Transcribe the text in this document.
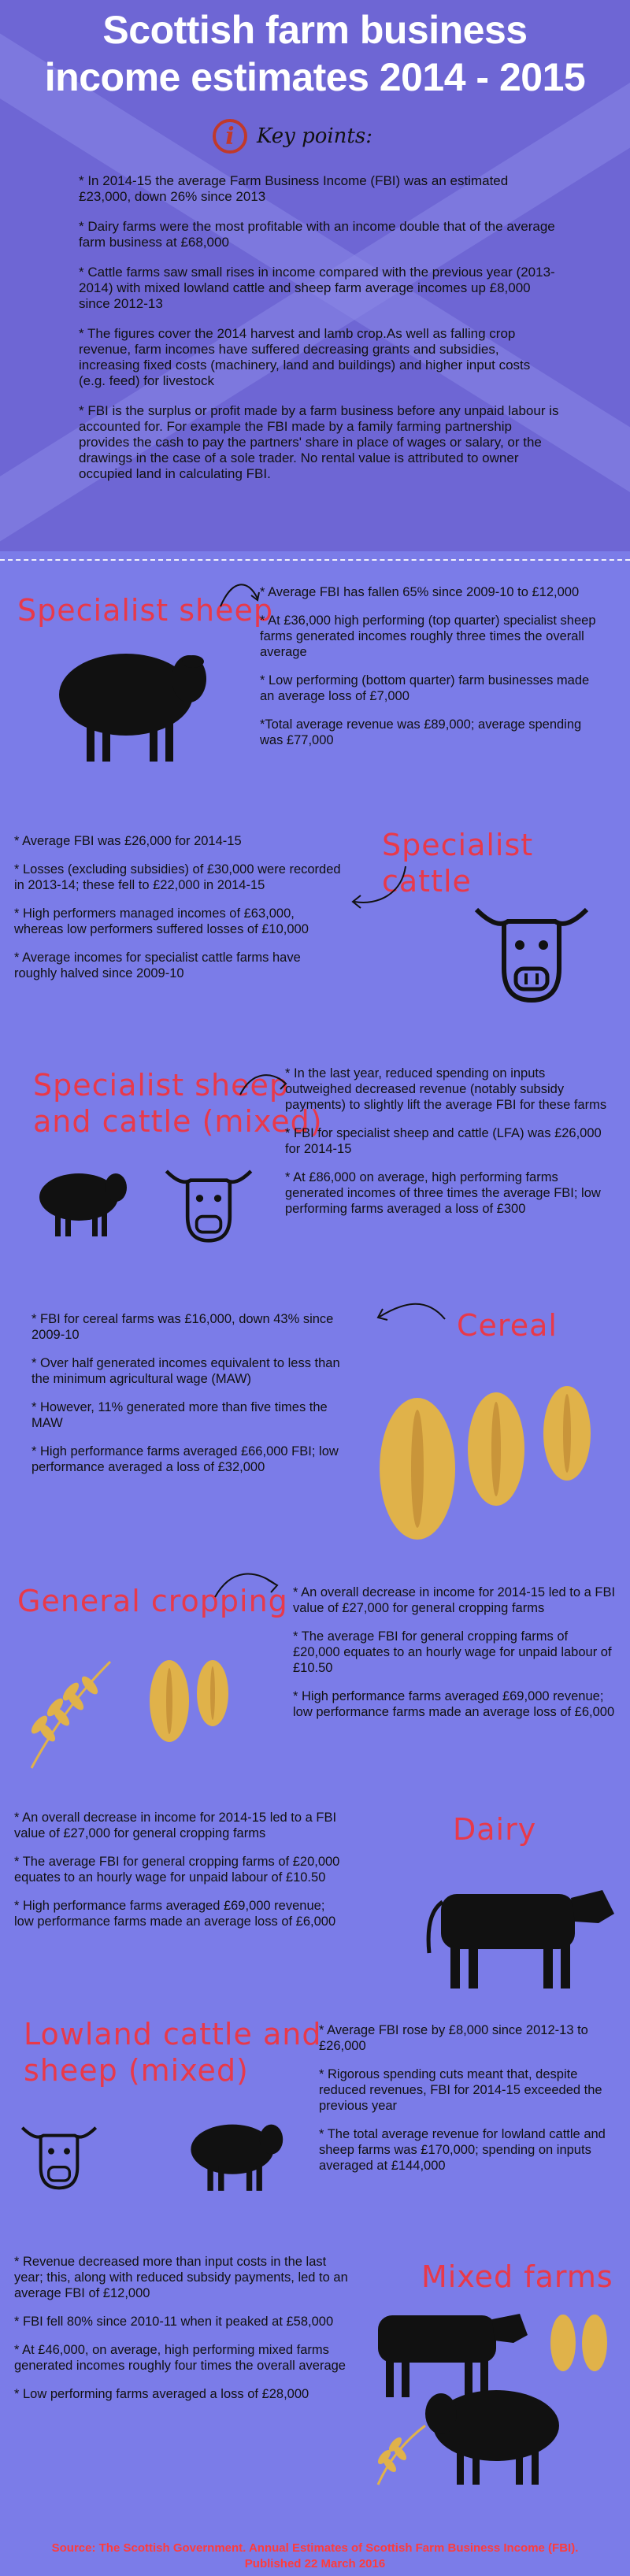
Scottish farm business
income estimates 2014 - 2015
i	Key points:

* In 2014-15 the average Farm Business Income (FBI) was an estimated £23,000, down 26% since 2013

* Dairy farms were the most profitable with an income double that of the average farm business at £68,000

* Cattle farms saw small rises in income compared with the previous year (2013-2014) with mixed lowland cattle and sheep farm average incomes up £8,000 since 2012-13

* The figures cover the 2014 harvest and lamb crop.As well as falling crop revenue, farm incomes have suffered decreasing grants and subsidies, increasing fixed costs (machinery, land and buildings) and higher input costs (e.g. feed) for livestock

* FBI is the surplus or profit made by a farm business before any unpaid labour is accounted for. For example the FBI made by a family farming partnership provides the cash to pay the partners' share in place of wages or salary, or the drawings in the case of a sole trader. No rental value is attributed to owner occupied land in calculating FBI.

Specialist sheep

* Average FBI has fallen 65% since 2009-10 to £12,000

* At £36,000 high performing (top quarter) specialist sheep farms generated incomes roughly three times the overall average

* Low performing (bottom quarter) farm businesses made an average loss of £7,000

*Total average revenue was £89,000; average spending was £77,000

Specialist cattle

* Average FBI was £26,000 for 2014-15

* Losses (excluding subsidies) of £30,000 were recorded in 2013-14; these fell to £22,000 in 2014-15

* High performers managed incomes of £63,000, whereas low performers suffered losses of £10,000

* Average incomes for specialist cattle farms have roughly halved since 2009-10

Specialist sheep
and cattle (mixed)

* In the last year, reduced spending on inputs outweighed decreased revenue (notably subsidy payments) to slightly lift the average FBI for these farms

* FBI for specialist sheep and cattle (LFA) was £26,000 for 2014-15

* At £86,000 on average, high performing farms generated incomes of three times the average FBI; low performing farms averaged a loss of £300

Cereal

* FBI for cereal farms was £16,000, down 43% since 2009-10

* Over half generated incomes equivalent to less than the minimum agricultural wage (MAW)

* However, 11% generated more than five times the MAW

* High performance farms averaged £66,000 FBI; low performance averaged a loss of £32,000

General cropping * An overall decrease in income for 2014-15 led to a FBI value of £27,000 for general cropping farms

* The average FBI for general cropping farms of £20,000 equates to an hourly wage for unpaid labour of £10.50

* High performance farms averaged £69,000 revenue; low performance farms made an average loss of £6,000

Dairy

* An overall decrease in income for 2014-15 led to a FBI value of £27,000 for general cropping farms

* The average FBI for general cropping farms of £20,000 equates to an hourly wage for unpaid labour of £10.50

* High performance farms averaged £69,000 revenue; low performance farms made an average loss of £6,000

Lowland cattle and
sheep (mixed)

* Average FBI rose by £8,000 since 2012-13 to £26,000

* Rigorous spending cuts meant that, despite reduced revenues, FBI for 2014-15 exceeded the previous year

* The total average revenue for lowland cattle and sheep farms was £170,000; spending on inputs averaged at £144,000

Mixed farms

* Revenue decreased more than input costs in the last year; this, along with reduced subsidy payments, led to an average FBI of £12,000

* FBI fell 80% since 2010-11 when it peaked at £58,000

* At £46,000, on average, high performing mixed farms generated incomes roughly four times the overall average

* Low performing farms averaged a loss of £28,000

Source: The Scottish Government. Annual Estimates of Scottish Farm Business Income (FBI).
Published 22 March 2016
